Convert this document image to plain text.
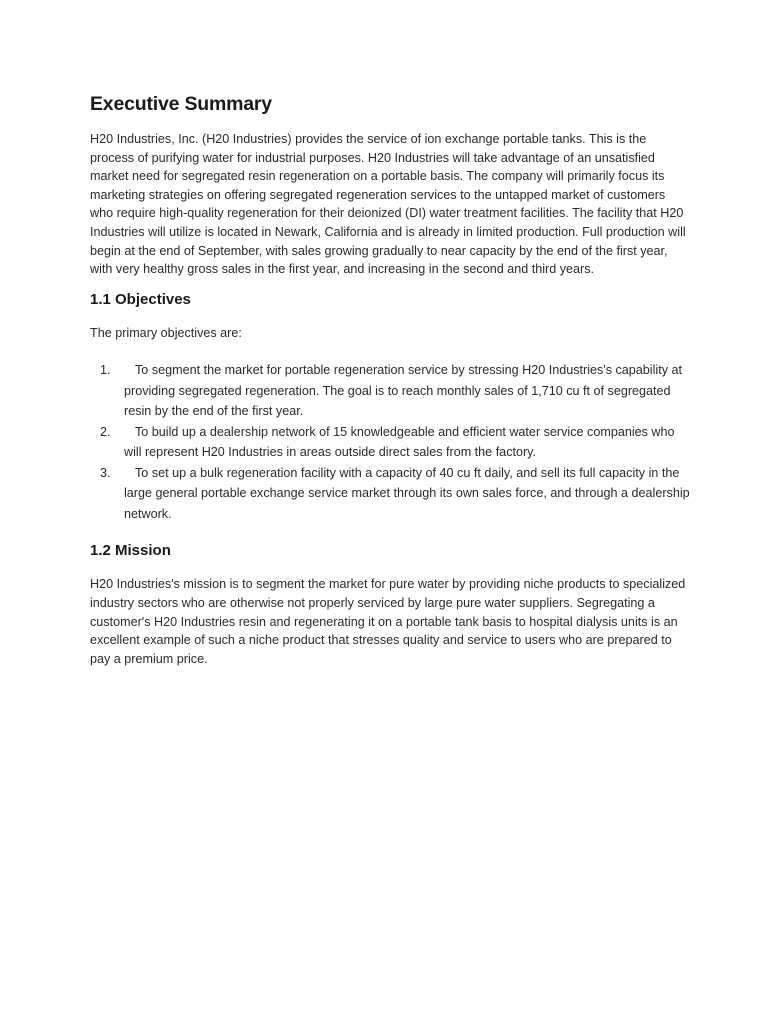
Executive Summary

H20 Industries, Inc. (H20 Industries) provides the service of ion exchange portable tanks. This is the process of purifying water for industrial purposes. H20 Industries will take advantage of an unsatisfied market need for segregated resin regeneration on a portable basis. The company will primarily focus its marketing strategies on offering segregated regeneration services to the untapped market of customers who require high-quality regeneration for their deionized (DI) water treatment facilities. The facility that H20 Industries will utilize is located in Newark, California and is already in limited production. Full production will begin at the end of September, with sales growing gradually to near capacity by the end of the first year, with very healthy gross sales in the first year, and increasing in the second and third years.

1.1 Objectives

The primary objectives are:

1.	To segment the market for portable regeneration service by stressing H20 Industries's capability at providing segregated regeneration. The goal is to reach monthly sales of 1,710 cu ft of segregated resin by the end of the first year.
2.	To build up a dealership network of 15 knowledgeable and efficient water service companies who will represent H20 Industries in areas outside direct sales from the factory.
3.	To set up a bulk regeneration facility with a capacity of 40 cu ft daily, and sell its full capacity in the large general portable exchange service market through its own sales force, and through a dealership network.
1.2 Mission

H20 Industries's mission is to segment the market for pure water by providing niche products to specialized industry sectors who are otherwise not properly serviced by large pure water suppliers. Segregating a customer's H20 Industries resin and regenerating it on a portable tank basis to hospital dialysis units is an excellent example of such a niche product that stresses quality and service to users who are prepared to pay a premium price.
